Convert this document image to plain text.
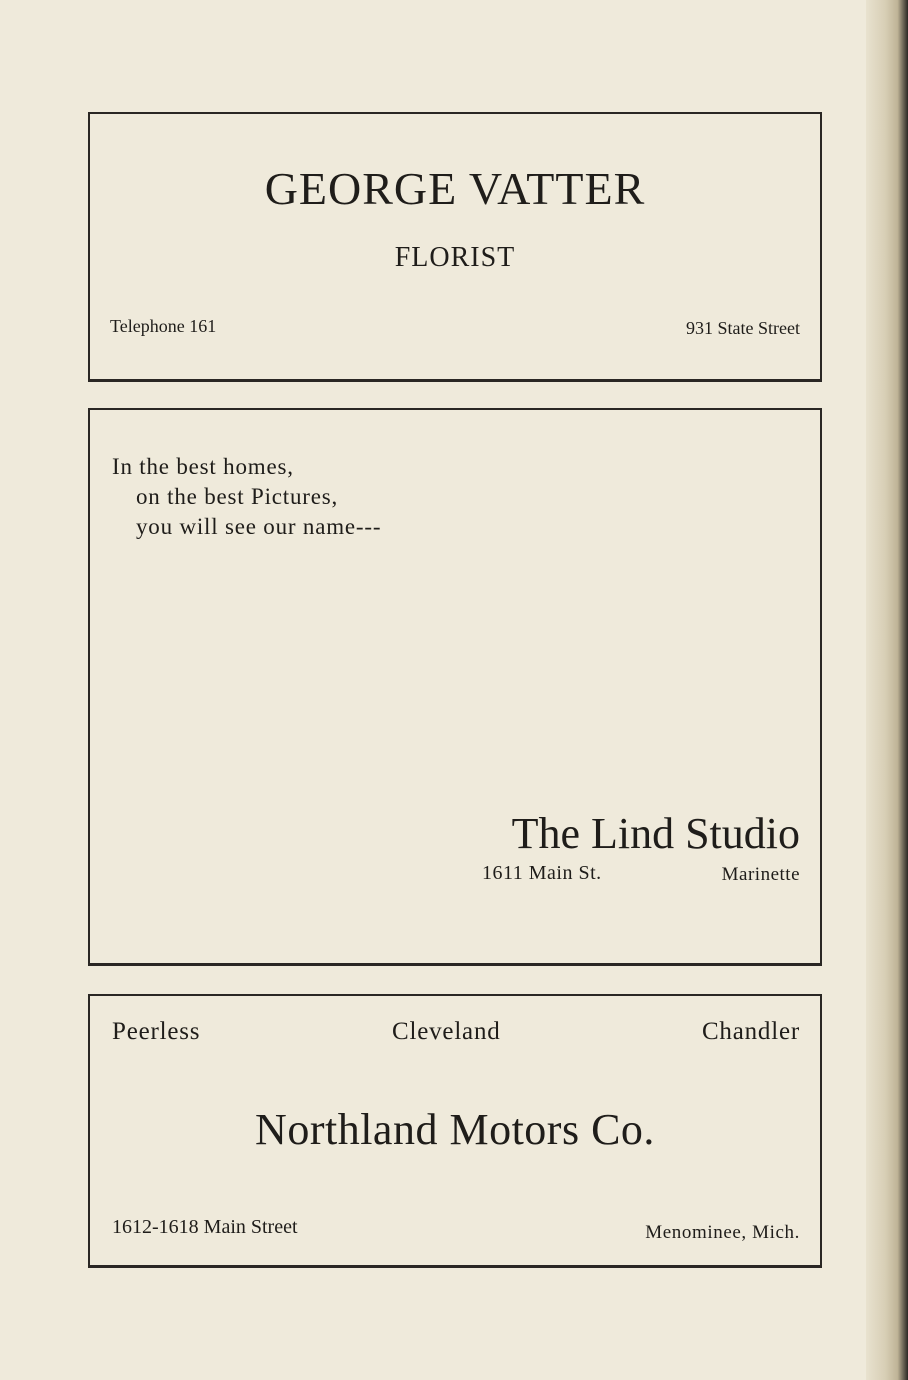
GEORGE VATTER
FLORIST
Telephone 161	931 State Street
In the best homes,
on the best Pictures,
you will see our name---
The Lind Studio
1611 Main St.	Marinette
Peerless	Cleveland	Chandler
Northland Motors Co.
1612-1618 Main Street	Menominee, Mich.
